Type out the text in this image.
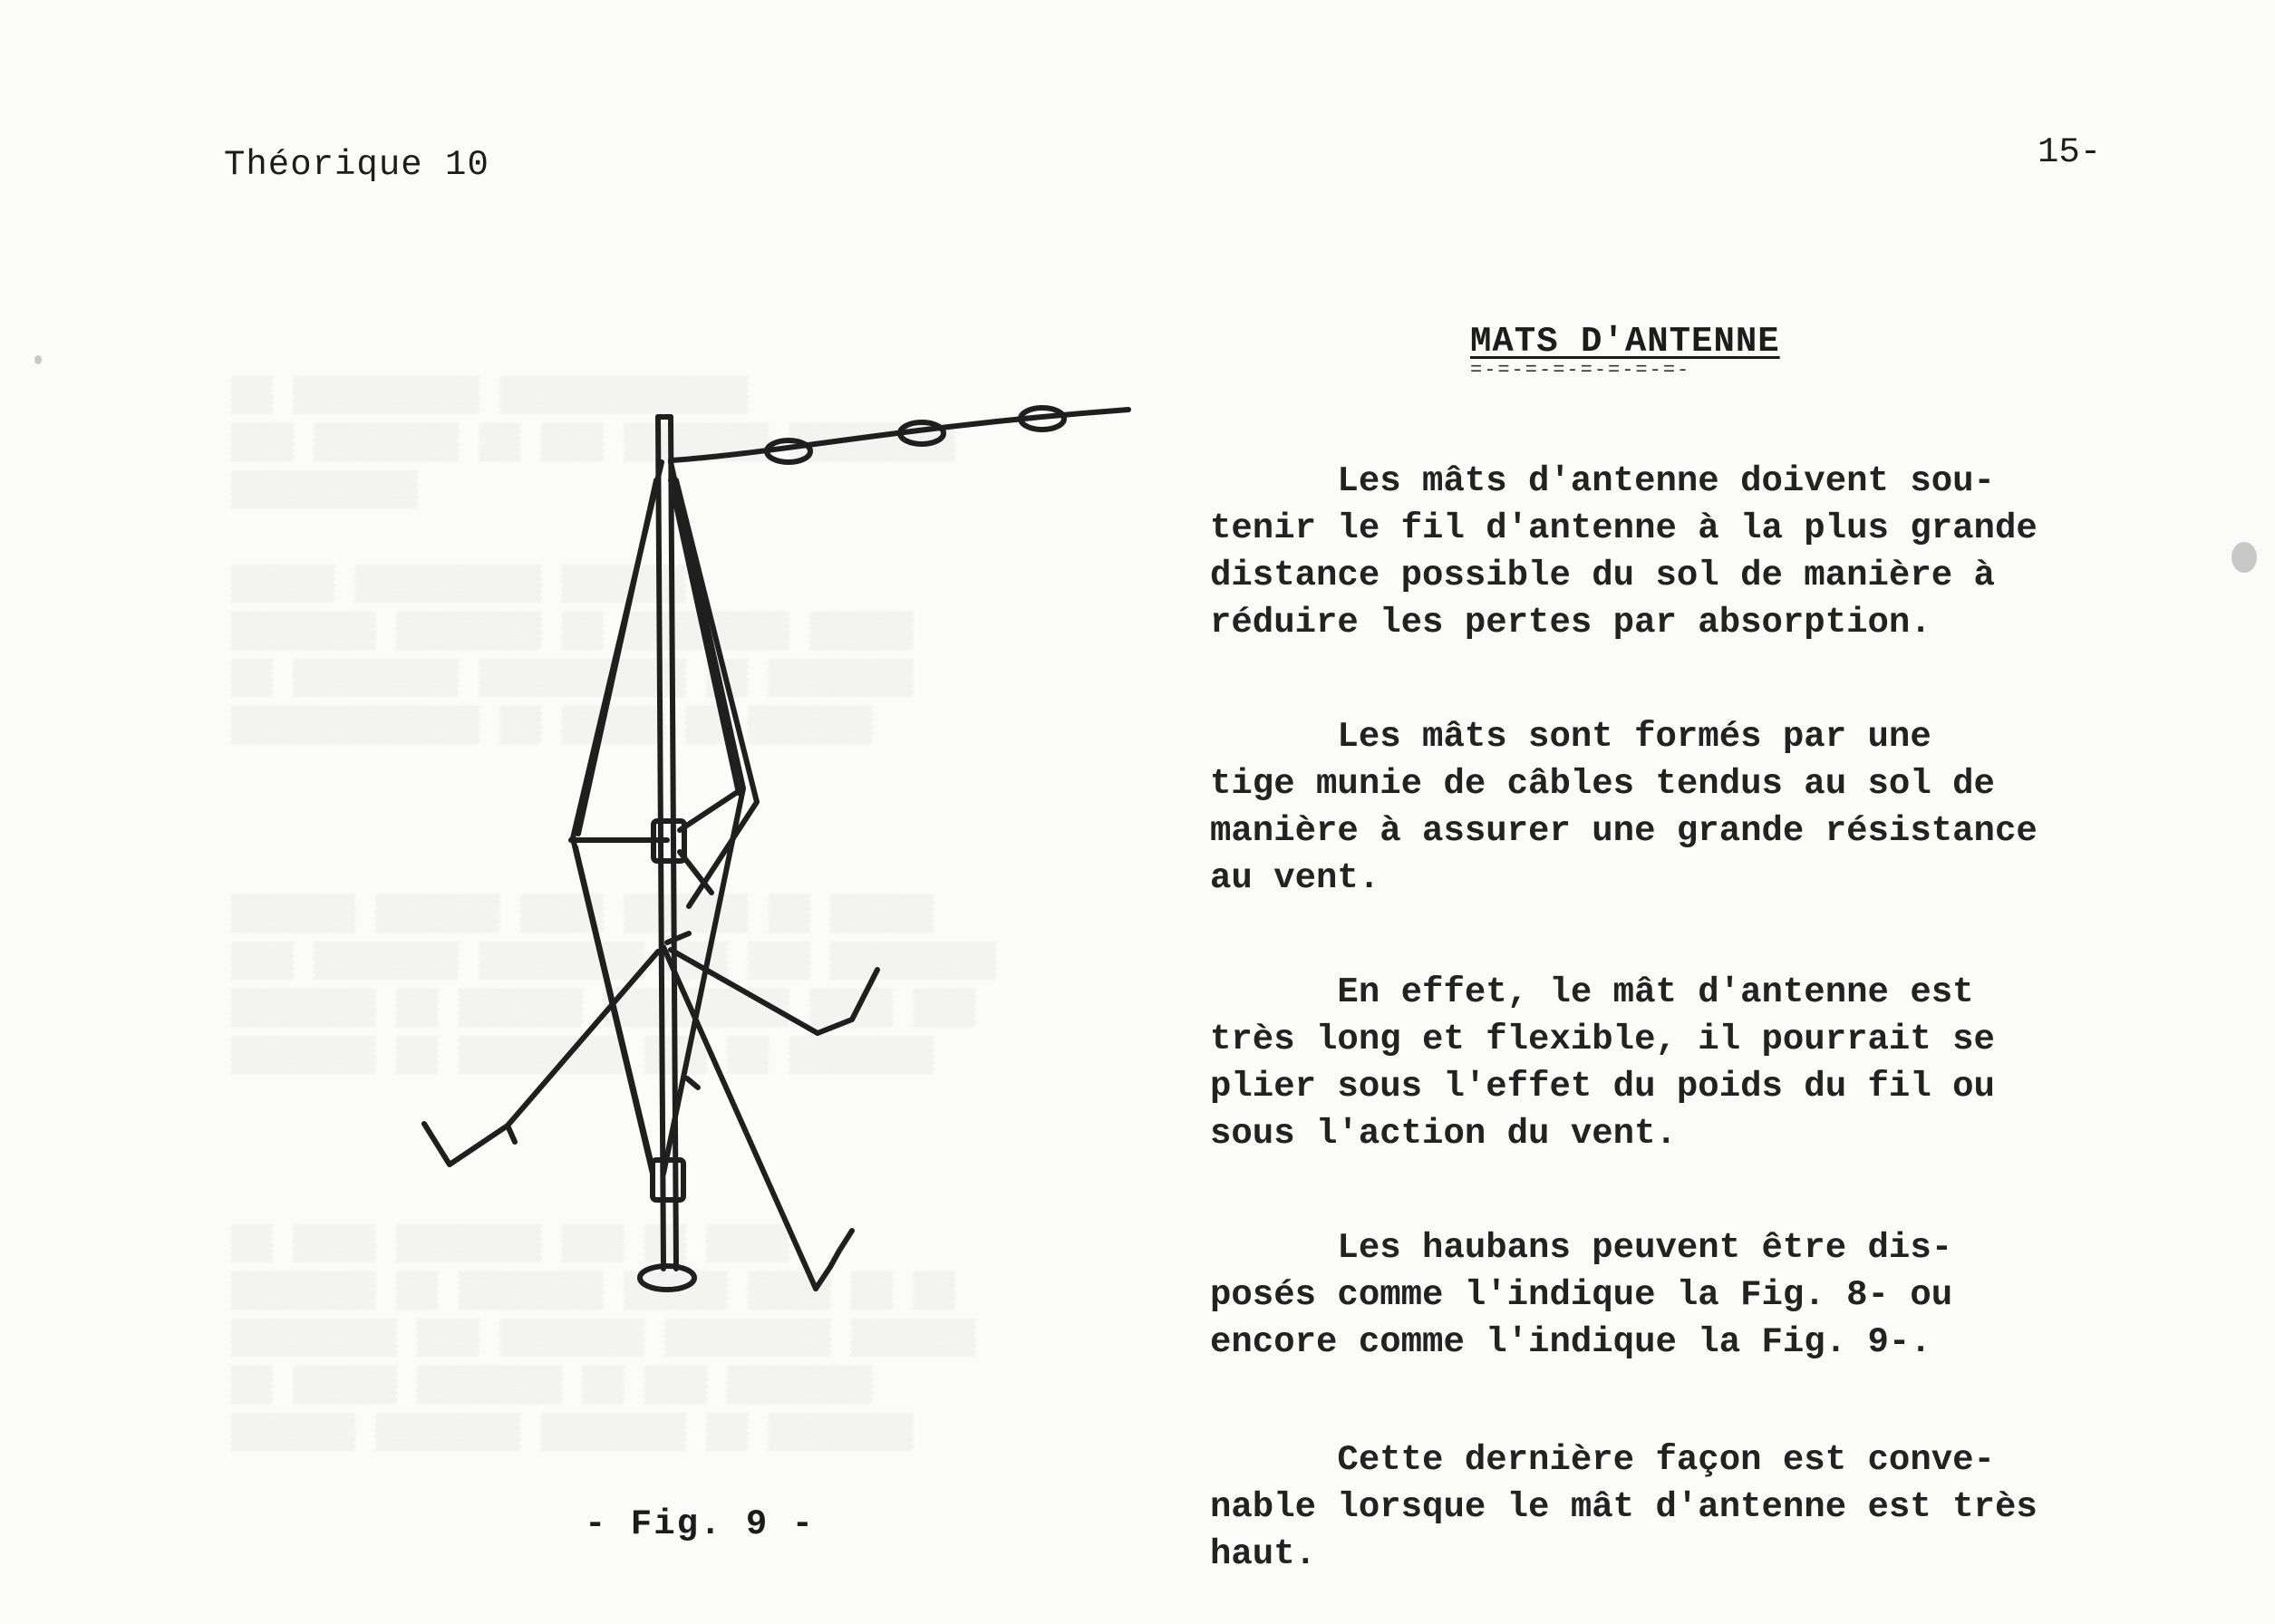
▒▒ ▒▒▒▒▒▒▒▒▒ ▒▒▒▒▒▒▒▒▒▒▒▒
▒▒▒ ▒▒▒▒▒▒▒ ▒▒ ▒▒▒ ▒▒▒▒▒▒▒ ▒▒▒▒▒▒▒▒
▒▒▒▒▒▒▒▒▒

▒▒▒▒▒ ▒▒▒▒▒▒▒▒▒ ▒▒▒▒▒▒
▒▒▒▒▒▒▒ ▒▒▒▒▒▒▒ ▒▒ ▒▒▒▒▒▒▒▒ ▒▒▒▒▒
▒▒ ▒▒▒▒▒▒▒▒ ▒▒▒▒▒▒▒▒▒▒ ▒▒ ▒▒▒▒▒▒▒
▒▒▒▒▒▒▒▒▒▒▒▒ ▒▒ ▒▒▒▒▒ ▒▒ ▒▒▒▒▒▒

▒▒▒▒▒▒ ▒▒▒▒▒▒ ▒▒▒▒ ▒▒▒▒▒▒ ▒▒ ▒▒▒▒▒
▒▒▒ ▒▒▒▒▒▒▒ ▒▒▒▒▒▒▒▒ ▒▒▒ ▒▒▒ ▒▒▒▒▒▒▒▒
▒▒▒▒▒▒▒ ▒▒ ▒▒▒▒▒▒ ▒▒▒▒▒▒▒▒▒ ▒▒▒▒ ▒▒▒
▒▒▒▒▒▒▒ ▒▒ ▒▒▒▒▒▒▒▒ ▒▒▒ ▒▒ ▒▒▒▒▒▒▒

▒▒ ▒▒▒▒ ▒▒▒▒▒▒▒ ▒▒▒ ▒▒ ▒▒▒▒
▒▒▒▒▒▒▒ ▒▒ ▒▒▒▒▒▒▒ ▒▒▒▒▒ ▒▒▒▒ ▒▒ ▒▒
▒▒▒▒▒▒▒▒ ▒▒▒ ▒▒▒▒▒▒▒ ▒▒▒▒▒▒▒▒ ▒▒▒▒▒▒
▒▒ ▒▒▒▒▒ ▒▒▒▒▒▒▒ ▒▒ ▒▒▒ ▒▒▒▒▒▒▒
▒▒▒▒▒▒ ▒▒▒▒▒▒▒ ▒▒▒▒▒▒▒ ▒▒ ▒▒▒▒▒▒▒

Théorique 10	15-
- Fig. 9 -
MATS D'ANTENNE
=-=-=-=-=-=-=-=-
Les mâts d'antenne doivent sou-
tenir le fil d'antenne à la plus grande
distance possible du sol de manière à
réduire les pertes par absorption.
Les mâts sont formés par une
tige munie de câbles tendus au sol de
manière à assurer une grande résistance
au vent.
En effet, le mât d'antenne est
très long et flexible, il pourrait se
plier sous l'effet du poids du fil ou
sous l'action du vent.
Les haubans peuvent être dis-
posés comme l'indique la Fig. 8- ou
encore comme l'indique la Fig. 9-.
Cette dernière façon est conve-
nable lorsque le mât d'antenne est très
haut.
